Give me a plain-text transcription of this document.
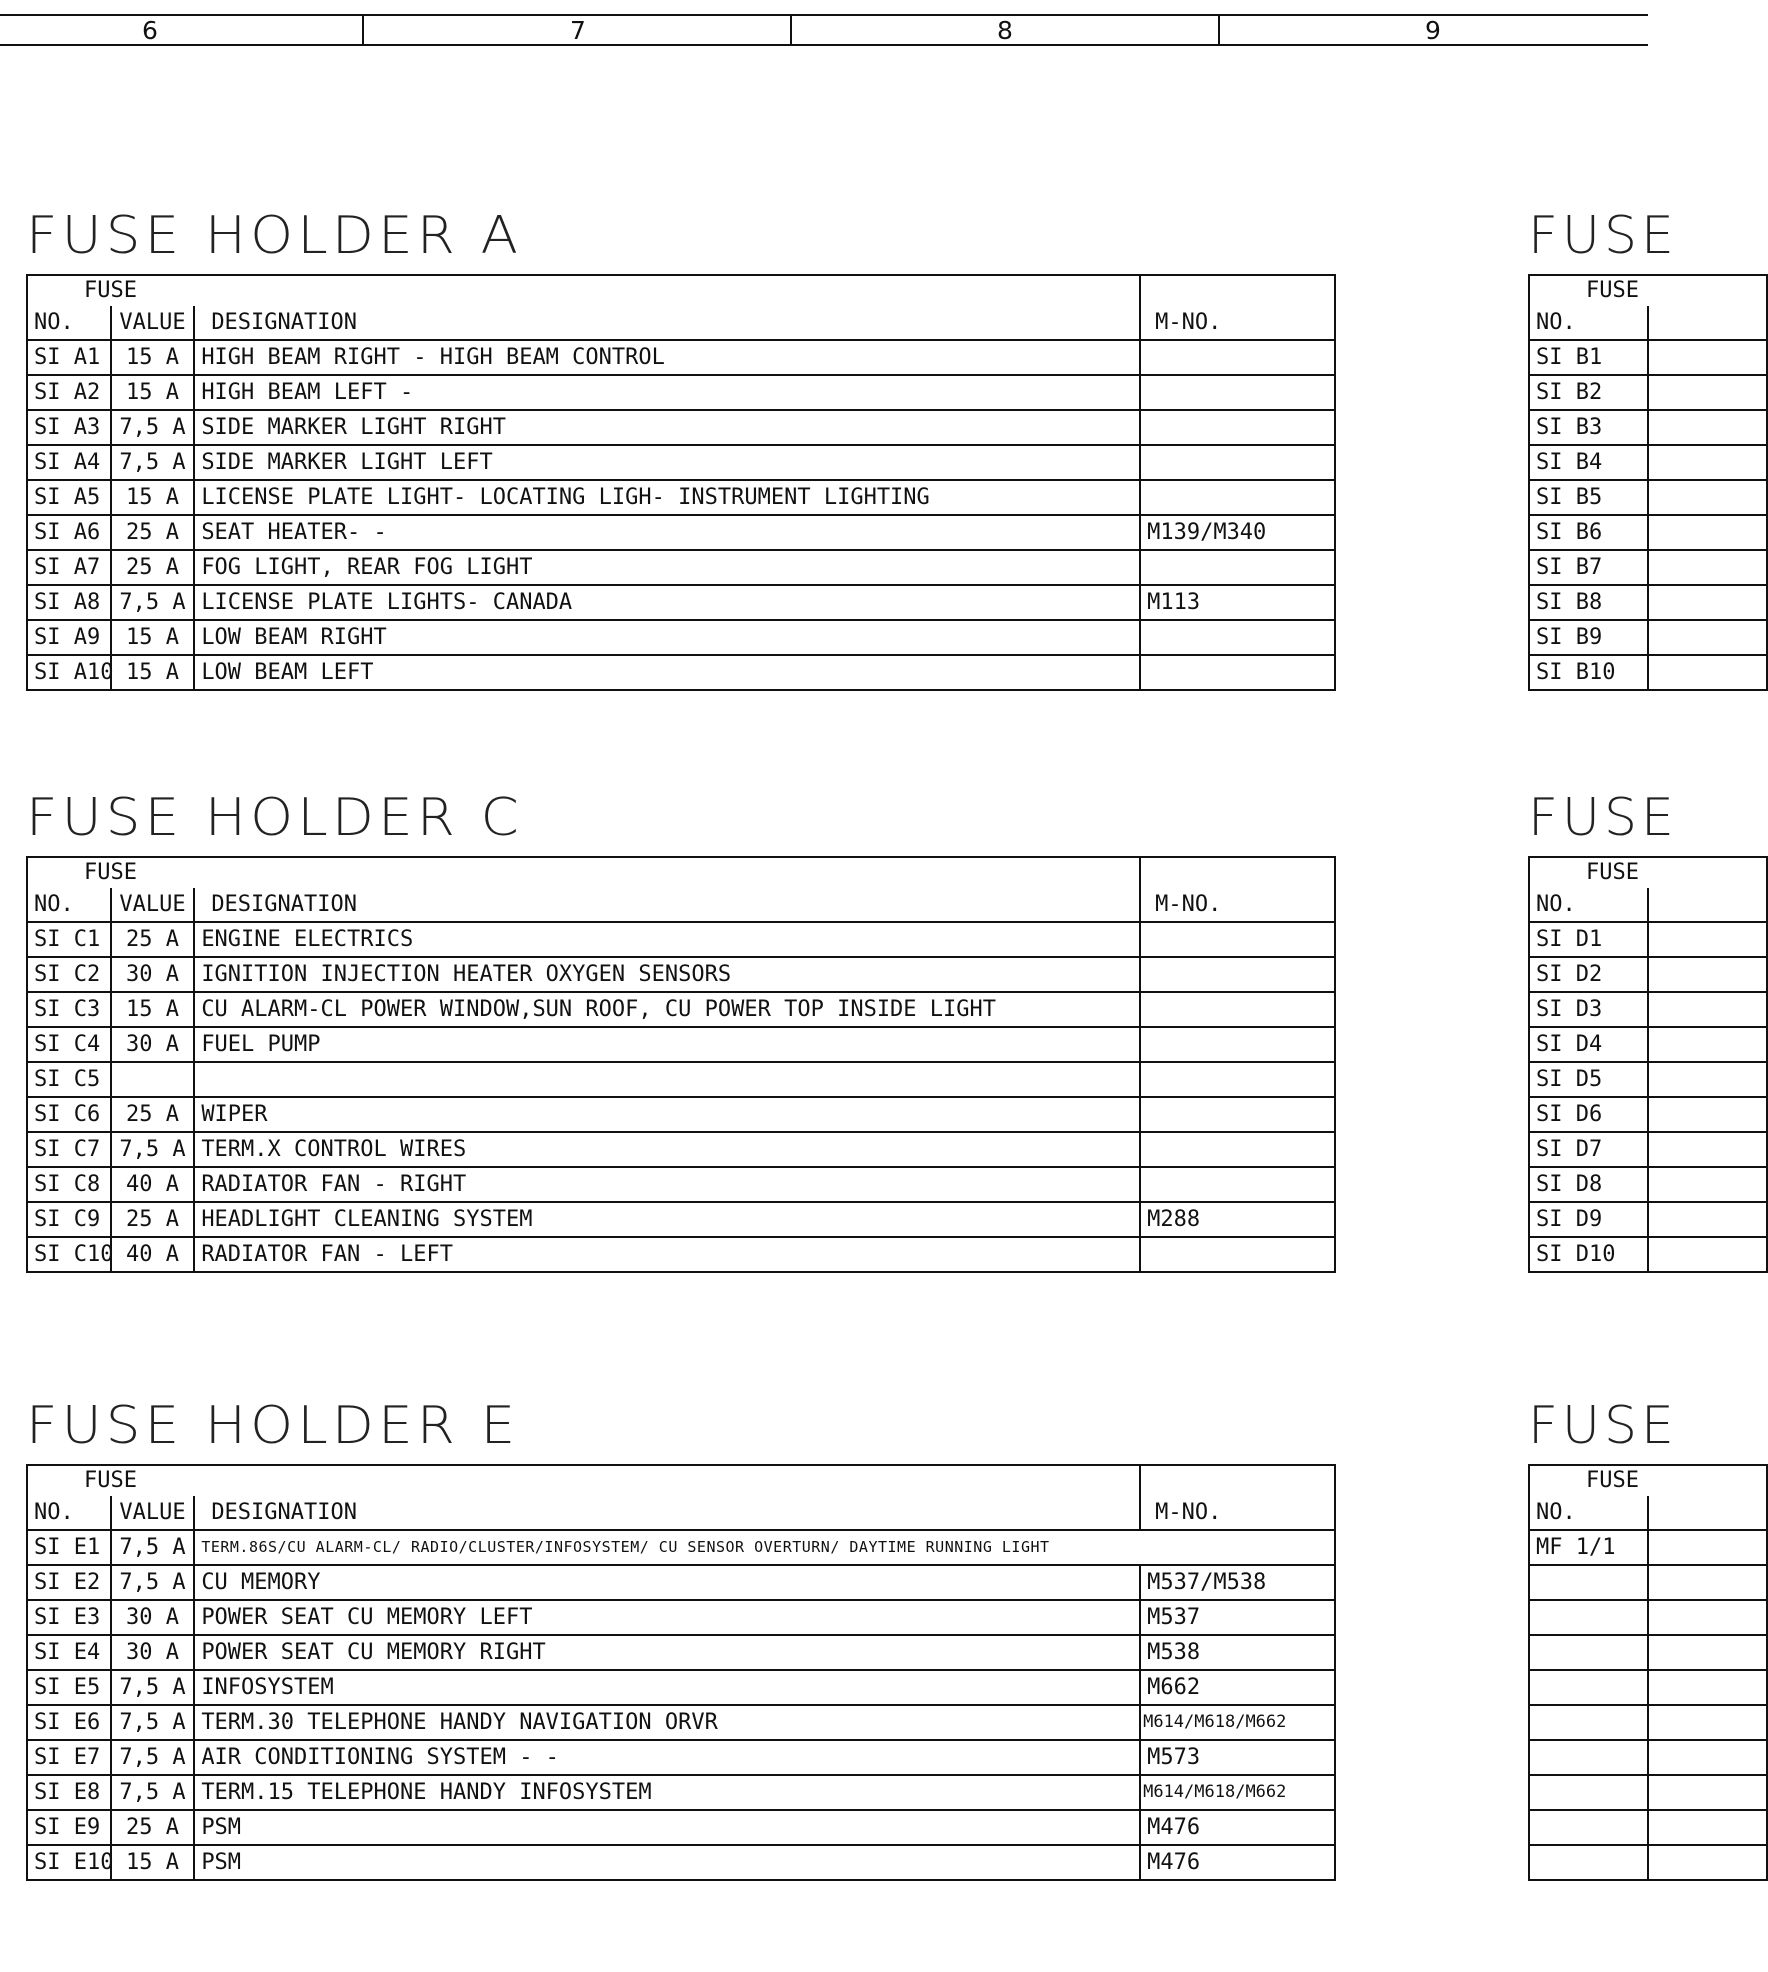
6	7	8	9
FUSE HOLDER A
FUSE			
NO.	VALUE	DESIGNATION	M-NO.
SI A1	15 A	HIGH BEAM RIGHT - HIGH BEAM CONTROL	
SI A2	15 A	HIGH BEAM LEFT -	
SI A3	7,5 A	SIDE MARKER LIGHT RIGHT	
SI A4	7,5 A	SIDE MARKER LIGHT LEFT	
SI A5	15 A	LICENSE PLATE LIGHT- LOCATING LIGH- INSTRUMENT LIGHTING	
SI A6	25 A	SEAT HEATER- -	M139/M340
SI A7	25 A	FOG LIGHT, REAR FOG LIGHT	
SI A8	7,5 A	LICENSE PLATE LIGHTS- CANADA	M113
SI A9	15 A	LOW BEAM RIGHT	
SI A10	15 A	LOW BEAM LEFT	
FUSE HOLDER C
FUSE			
NO.	VALUE	DESIGNATION	M-NO.
SI C1	25 A	ENGINE ELECTRICS	
SI C2	30 A	IGNITION INJECTION HEATER OXYGEN SENSORS	
SI C3	15 A	CU ALARM-CL POWER WINDOW,SUN ROOF, CU POWER TOP INSIDE LIGHT	
SI C4	30 A	FUEL PUMP	
SI C5			
SI C6	25 A	WIPER	
SI C7	7,5 A	TERM.X CONTROL WIRES	
SI C8	40 A	RADIATOR FAN - RIGHT	
SI C9	25 A	HEADLIGHT CLEANING SYSTEM	M288
SI C10	40 A	RADIATOR FAN - LEFT	
FUSE HOLDER E
FUSE			
NO.	VALUE	DESIGNATION	M-NO.
SI E1	7,5 A	TERM.86S/CU ALARM-CL/ RADIO/CLUSTER/INFOSYSTEM/ CU SENSOR OVERTURN/ DAYTIME RUNNING LIGHT	
SI E2	7,5 A	CU MEMORY	M537/M538
SI E3	30 A	POWER SEAT CU MEMORY LEFT	M537
SI E4	30 A	POWER SEAT CU MEMORY RIGHT	M538
SI E5	7,5 A	INFOSYSTEM	M662
SI E6	7,5 A	TERM.30 TELEPHONE HANDY NAVIGATION ORVR	M614/M618/M662
SI E7	7,5 A	AIR CONDITIONING SYSTEM - -	M573
SI E8	7,5 A	TERM.15 TELEPHONE HANDY INFOSYSTEM	M614/M618/M662
SI E9	25 A	PSM	M476
SI E10	15 A	PSM	M476
FUSE
FUSE	
NO.	
SI B1	
SI B2	
SI B3	
SI B4	
SI B5	
SI B6	
SI B7	
SI B8	
SI B9	
SI B10	
FUSE
FUSE	
NO.	
SI D1	
SI D2	
SI D3	
SI D4	
SI D5	
SI D6	
SI D7	
SI D8	
SI D9	
SI D10	
FUSE
FUSE	
NO.	
MF 1/1	
